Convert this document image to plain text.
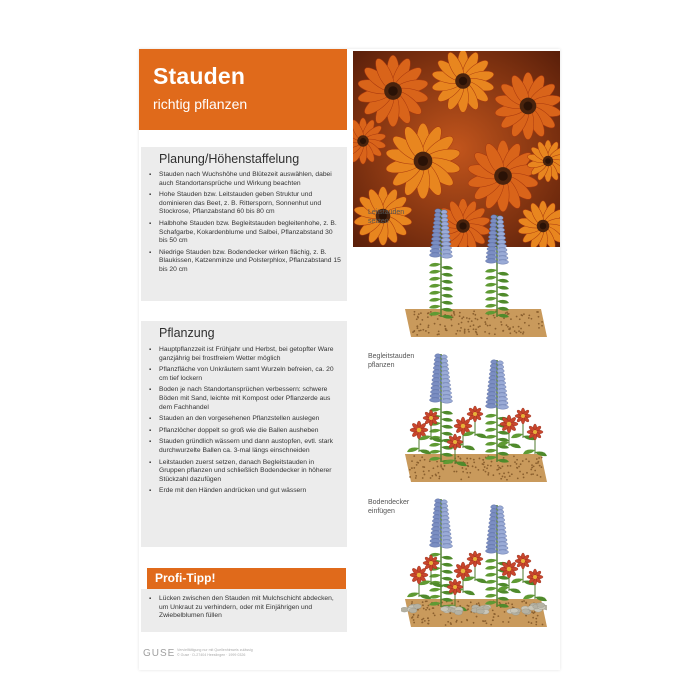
Stauden
richtig pflanzen
Planung/Höhenstaffelung
▪ Stauden nach Wuchshöhe und Blütezeit auswählen, dabei auch Standortansprüche und Wirkung beachten
▪ Hohe Stauden bzw. Leitstauden geben Struktur und dominieren das Beet, z. B. Rittersporn, Sonnenhut und Stockrose, Pflanzabstand 60 bis 80 cm
▪ Halbhohe Stauden bzw. Begleitstauden begleitenhohe, z. B. Schafgarbe, Kokardenblume und Salbei, Pflanzabstand 30 bis 50 cm
▪ Niedrige Stauden bzw. Bodendecker wirken flächig, z. B. Blaukissen, Katzenminze und Polsterphlox, Pflanzabstand 15 bis 20 cm
Pflanzung
▪ Hauptpflanzzeit ist Frühjahr und Herbst, bei getopfter Ware ganzjährig bei frostfreiem Wetter möglich
▪ Pflanzfläche von Unkräutern samt Wurzeln befreien, ca. 20 cm tief lockern
▪ Boden je nach Standortansprüchen verbessern: schwere Böden mit Sand, leichte mit Kompost oder Pflanzerde aus dem Fachhandel
▪ Stauden an den vorgesehenen Pflanzstellen auslegen
▪ Pflanzlöcher doppelt so groß wie die Ballen ausheben
▪ Stauden gründlich wässern und dann austopfen, evtl. stark durchwurzelte Ballen ca. 3-mal längs einschneiden
▪ Leitstauden zuerst setzen, danach Begleitstauden in Gruppen pflanzen und schließlich Bodendecker in höherer Stückzahl dazufügen
▪ Erde mit den Händen andrücken und gut wässern
Profi-Tipp!
▪ Lücken zwischen den Stauden mit Mulchschicht abdecken, um Unkraut zu verhindern, oder mit Einjährigen und Zwiebelblumen füllen
Leitstauden
setzen
Begleitstauden
pflanzen
Bodendecker
einfügen
GUSE Vervielfältigung nur mit Quellenhinweis zulässig
© Guse · D-27404 Heeslingen · 1999 0326
